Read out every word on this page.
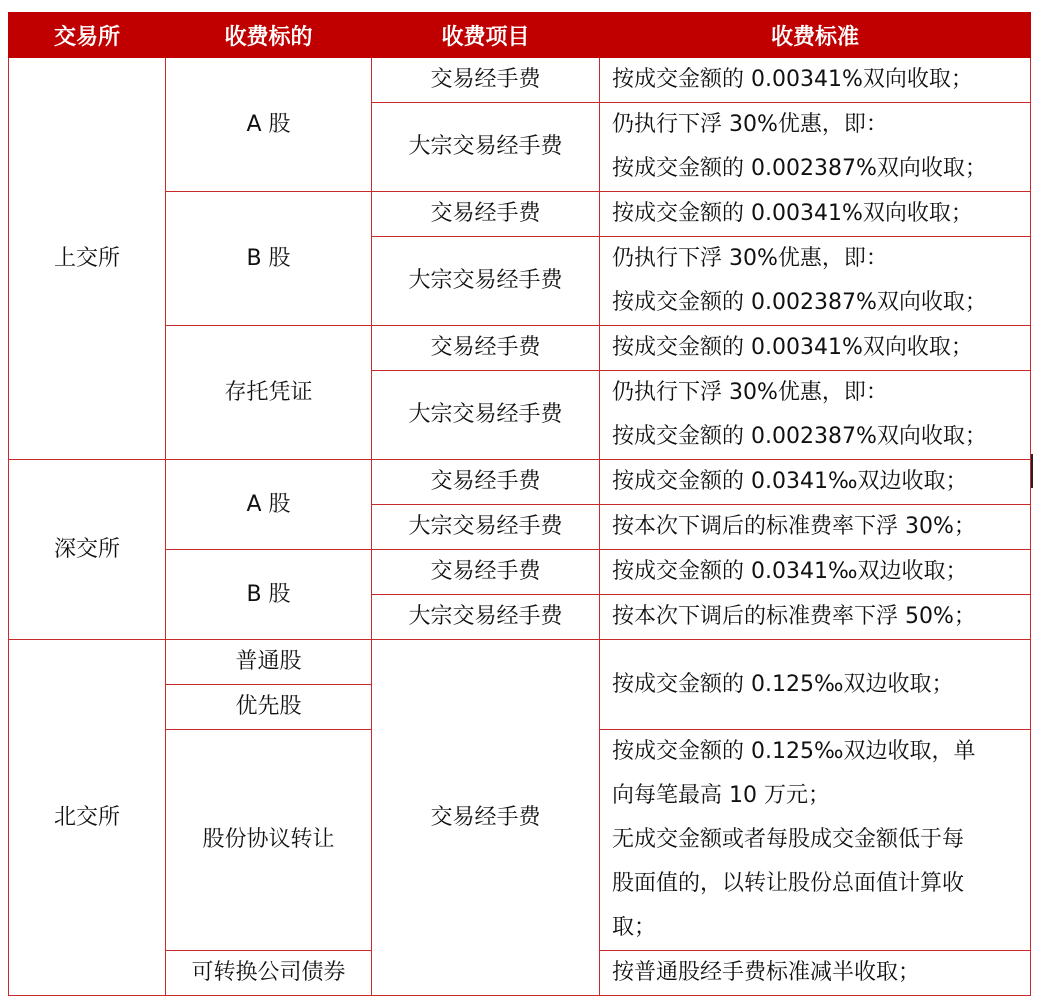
交易所	收费标的	收费项目	收费标准
上交所	A 股	交易经手费	按成交金额的 0.00341%双向收取；
		大宗交易经手费	仍执行下浮 30%优惠，即：
按成交金额的 0.002387%双向收取；

	B 股	交易经手费	按成交金额的 0.00341%双向收取；
		大宗交易经手费	仍执行下浮 30%优惠，即：
按成交金额的 0.002387%双向收取；

	存托凭证	交易经手费	按成交金额的 0.00341%双向收取；
		大宗交易经手费	仍执行下浮 30%优惠，即：
按成交金额的 0.002387%双向收取；

深交所	A 股	交易经手费	按成交金额的 0.0341‰双边收取；
		大宗交易经手费	按本次下调后的标准费率下浮 30%；
	B 股	交易经手费	按成交金额的 0.0341‰双边收取；
		大宗交易经手费	按本次下调后的标准费率下浮 50%；
北交所	普通股	交易经手费	按成交金额的 0.125‰双边收取；
	优先股		
	股份协议转让		按成交金额的 0.125‰双边收取，单
向每笔最高 10 万元；
无成交金额或者每股成交金额低于每
股面值的，以转让股份总面值计算收
取；

	可转换公司债券		按普通股经手费标准减半收取；
